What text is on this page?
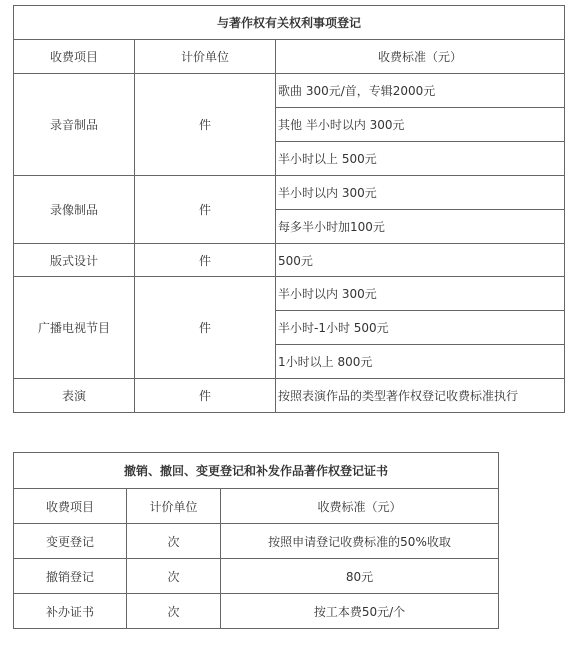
与著作权有关权利事项登记		
收费项目	计价单位	收费标准（元）
录音制品	件	歌曲 300元/首，专辑2000元
		其他 半小时以内 300元
		半小时以上 500元
录像制品	件	半小时以内 300元
		每多半小时加100元
版式设计	件	500元
广播电视节目	件	半小时以内 300元
		半小时-1小时 500元
		1小时以上 800元
表演	件	按照表演作品的类型著作权登记收费标准执行
撤销、撤回、变更登记和补发作品著作权登记证书		
收费项目	计价单位	收费标准（元）
变更登记	次	按照申请登记收费标准的50%收取
撤销登记	次	80元
补办证书	次	按工本费50元/个
